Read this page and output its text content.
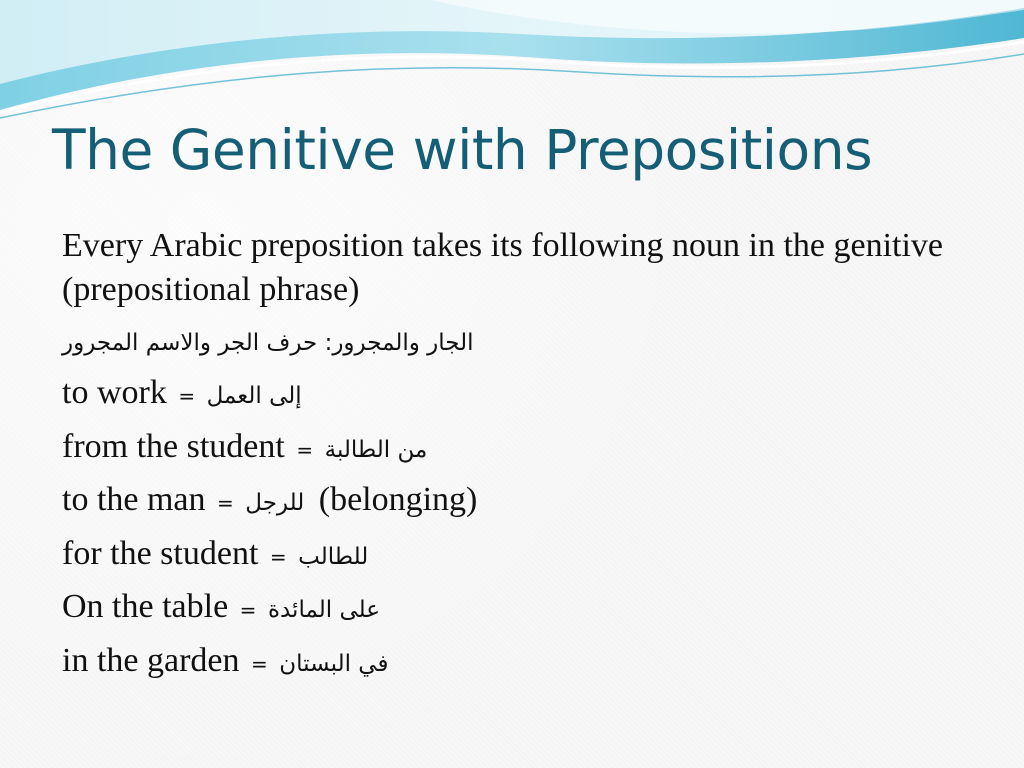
The Genitive with Prepositions

Every Arabic preposition takes its following noun in the genitive (prepositional phrase)

الجار والمجرور: حرف الجر والاسم المجرور
to work = إلى العمل
from the student = من الطالبة
to the man = للرجل (belonging)
for the student = للطالب
On the table = على المائدة
in the garden = في البستان
